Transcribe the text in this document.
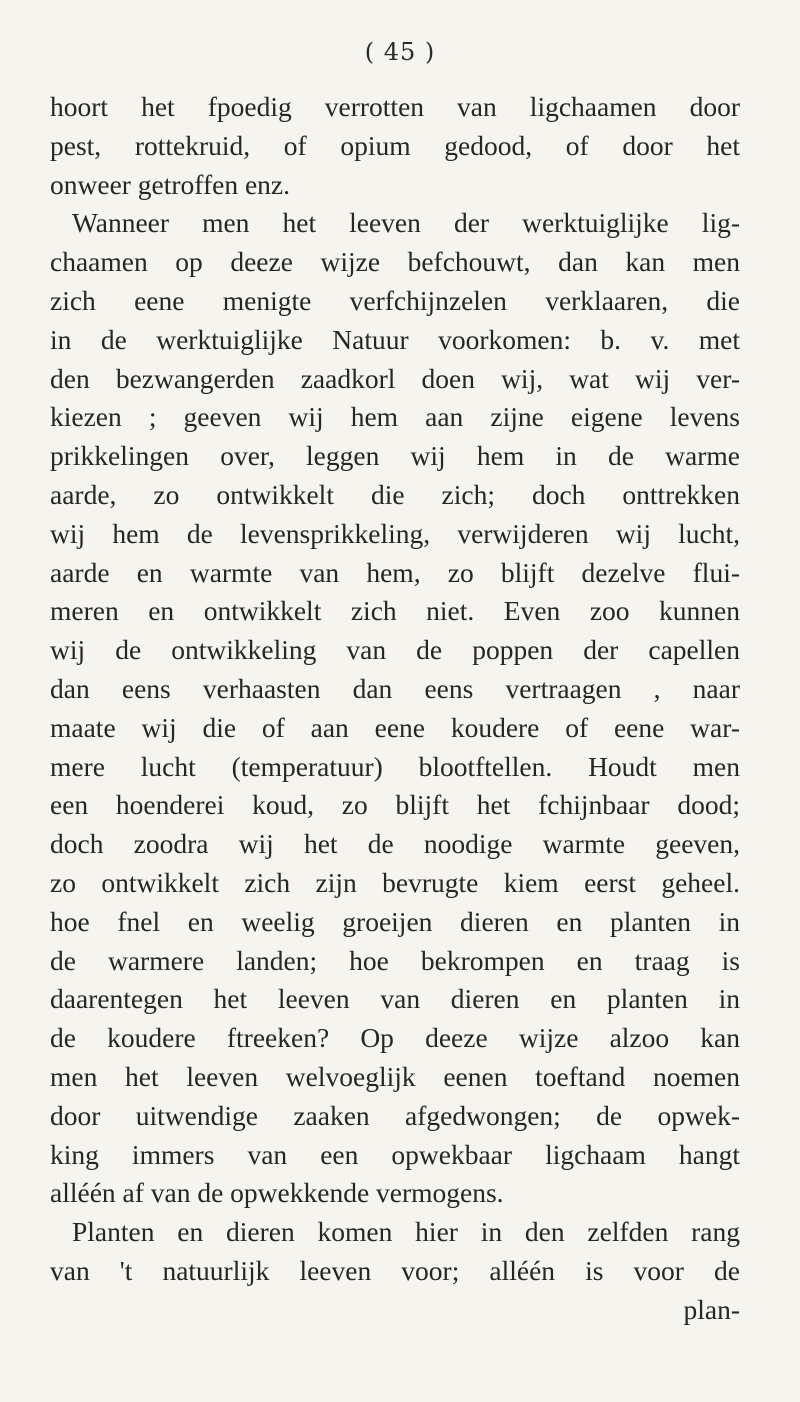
( 45 )
hoort het fpoedig verrotten van ligchaamen door
pest, rottekruid, of opium gedood, of door het
onweer getroffen enz.
Wanneer men het leeven der werktuiglijke lig-
chaamen op deeze wijze befchouwt, dan kan men
zich eene menigte verfchijnzelen verklaaren, die
in de werktuiglijke Natuur voorkomen: b. v. met
den bezwangerden zaadkorl doen wij, wat wij ver-
kiezen ; geeven wij hem aan zijne eigene levens
prikkelingen over, leggen wij hem in de warme
aarde, zo ontwikkelt die zich; doch onttrekken
wij hem de levensprikkeling, verwijderen wij lucht,
aarde en warmte van hem, zo blijft dezelve flui-
meren en ontwikkelt zich niet. Even zoo kunnen
wij de ontwikkeling van de poppen der capellen
dan eens verhaasten dan eens vertraagen , naar
maate wij die of aan eene koudere of eene war-
mere lucht (temperatuur) blootftellen. Houdt men
een hoenderei koud, zo blijft het fchijnbaar dood;
doch zoodra wij het de noodige warmte geeven,
zo ontwikkelt zich zijn bevrugte kiem eerst geheel.
hoe fnel en weelig groeijen dieren en planten in
de warmere landen; hoe bekrompen en traag is
daarentegen het leeven van dieren en planten in
de koudere ftreeken? Op deeze wijze alzoo kan
men het leeven welvoeglijk eenen toeftand noemen
door uitwendige zaaken afgedwongen; de opwek-
king immers van een opwekbaar ligchaam hangt
alléén af van de opwekkende vermogens.
Planten en dieren komen hier in den zelfden rang
van 't natuurlijk leeven voor; alléén is voor de
plan-
